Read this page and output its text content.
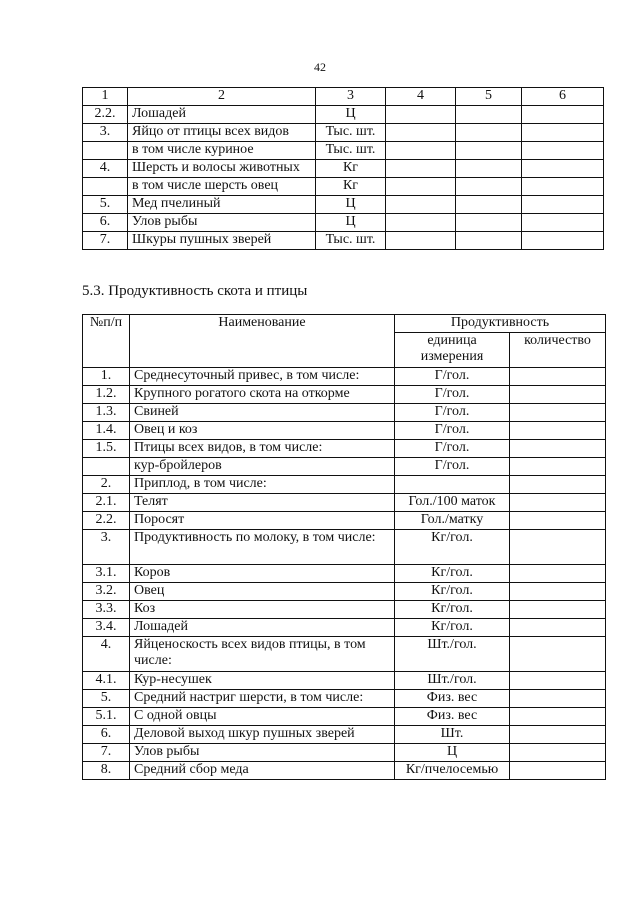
42
1	2	3	4	5	6
2.2.	Лошадей	Ц			
3.	Яйцо от птицы всех видов	Тыс. шт.			
	в том числе куриное	Тыс. шт.			
4.	Шерсть и волосы животных	Кг			
	в том числе шерсть овец	Кг			
5.	Мед пчелиный	Ц			
6.	Улов рыбы	Ц			
7.	Шкуры пушных зверей	Тыс. шт.			
5.3. Продуктивность скота и птицы
№п/п	Наименование	Продуктивность	
		единица измерения	количество
1.	Среднесуточный привес, в том числе:	Г/гол.	
1.2.	Крупного рогатого скота на откорме	Г/гол.	
1.3.	Свиней	Г/гол.	
1.4.	Овец и коз	Г/гол.	
1.5.	Птицы всех видов, в том числе:	Г/гол.	
	кур-бройлеров	Г/гол.	
2.	Приплод, в том числе:		
2.1.	Телят	Гол./100 маток	
2.2.	Поросят	Гол./матку	
3.	Продуктивность по молоку, в том числе:	Кг/гол.	
3.1.	Коров	Кг/гол.	
3.2.	Овец	Кг/гол.	
3.3.	Коз	Кг/гол.	
3.4.	Лошадей	Кг/гол.	
4.	Яйценоскость всех видов птицы, в том числе:	Шт./гол.	
4.1.	Кур-несушек	Шт./гол.	
5.	Средний настриг шерсти, в том числе:	Физ. вес	
5.1.	С одной овцы	Физ. вес	
6.	Деловой выход шкур пушных зверей	Шт.	
7.	Улов рыбы	Ц	
8.	Средний сбор меда	Кг/пчелосемью	
